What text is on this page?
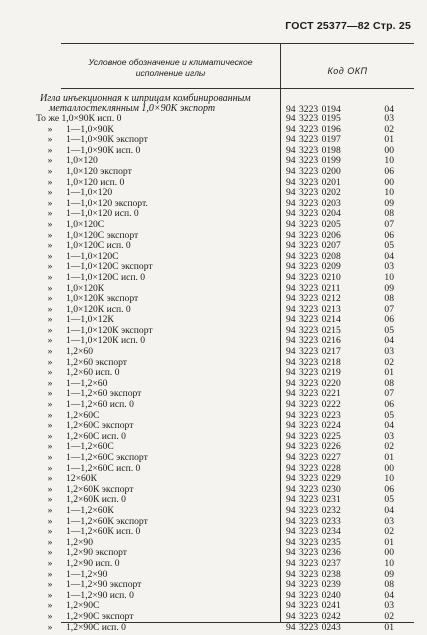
ГОСТ 25377—82 Стр. 25
Условное обозначение и климатическое
исполнение иглы	Код ОКП
Игла инъекционная к шприцам комбинированным
металлостеклянным 1,0×90К экспорт	94 3223 0194	04
То же 1,0×90К исп. 0	94 3223 0195	03
»	1—1,0×90К	94 3223 0196	02
»	1—1,0×90К экспорт	94 3223 0197	01
»	1—1,0×90К исп. 0	94 3223 0198	00
»	1,0×120	94 3223 0199	10
»	1,0×120 экспорт	94 3223 0200	06
»	1,0×120 исп. 0	94 3223 0201	00
»	1—1,0×120	94 3223 0202	10
»	1—1,0×120 экспорт.	94 3223 0203	09
»	1—1,0×120 исп. 0	94 3223 0204	08
»	1,0×120С	94 3223 0205	07
»	1,0×120С экспорт	94 3223 0206	06
»	1,0×120С исп. 0	94 3223 0207	05
»	1—1,0×120С	94 3223 0208	04
»	1—1,0×120С экспорт	94 3223 0209	03
»	1—1,0×120С исп. 0	94 3223 0210	10
»	1,0×120К	94 3223 0211	09
»	1,0×120К экспорт	94 3223 0212	08
»	1,0×120К исп. 0	94 3223 0213	07
»	1—1,0×12К	94 3223 0214	06
»	1—1,0×120К экспорт	94 3223 0215	05
»	1—1,0×120К исп. 0	94 3223 0216	04
»	1,2×60	94 3223 0217	03
»	1,2×60 экспорт	94 3223 0218	02
»	1,2×60 исп. 0	94 3223 0219	01
»	1—1,2×60	94 3223 0220	08
»	1—1,2×60 экспорт	94 3223 0221	07
»	1—1,2×60 исп. 0	94 3223 0222	06
»	1,2×60С	94 3223 0223	05
»	1,2×60С экспорт	94 3223 0224	04
»	1,2×60С исп. 0	94 3223 0225	03
»	1—1,2×60С	94 3223 0226	02
»	1—1,2×60С экспорт	94 3223 0227	01
»	1—1,2×60С исп. 0	94 3223 0228	00
»	12×60К	94 3223 0229	10
»	1,2×60К экспорт	94 3223 0230	06
»	1,2×60К исп. 0	94 3223 0231	05
»	1—1,2×60К	94 3223 0232	04
»	1—1,2×60К экспорт	94 3223 0233	03
»	1—1,2×60К исп. 0	94 3223 0234	02
»	1,2×90	94 3223 0235	01
»	1,2×90 экспорт	94 3223 0236	00
»	1,2×90 исп. 0	94 3223 0237	10
»	1—1,2×90	94 3223 0238	09
»	1—1,2×90 экспорт	94 3223 0239	08
»	1—1,2×90 исп. 0	94 3223 0240	04
»	1,2×90С	94 3223 0241	03
»	1,2×90С экспорт	94 3223 0242	02
»	1,2×90С исп. 0	94 3223 0243	01
